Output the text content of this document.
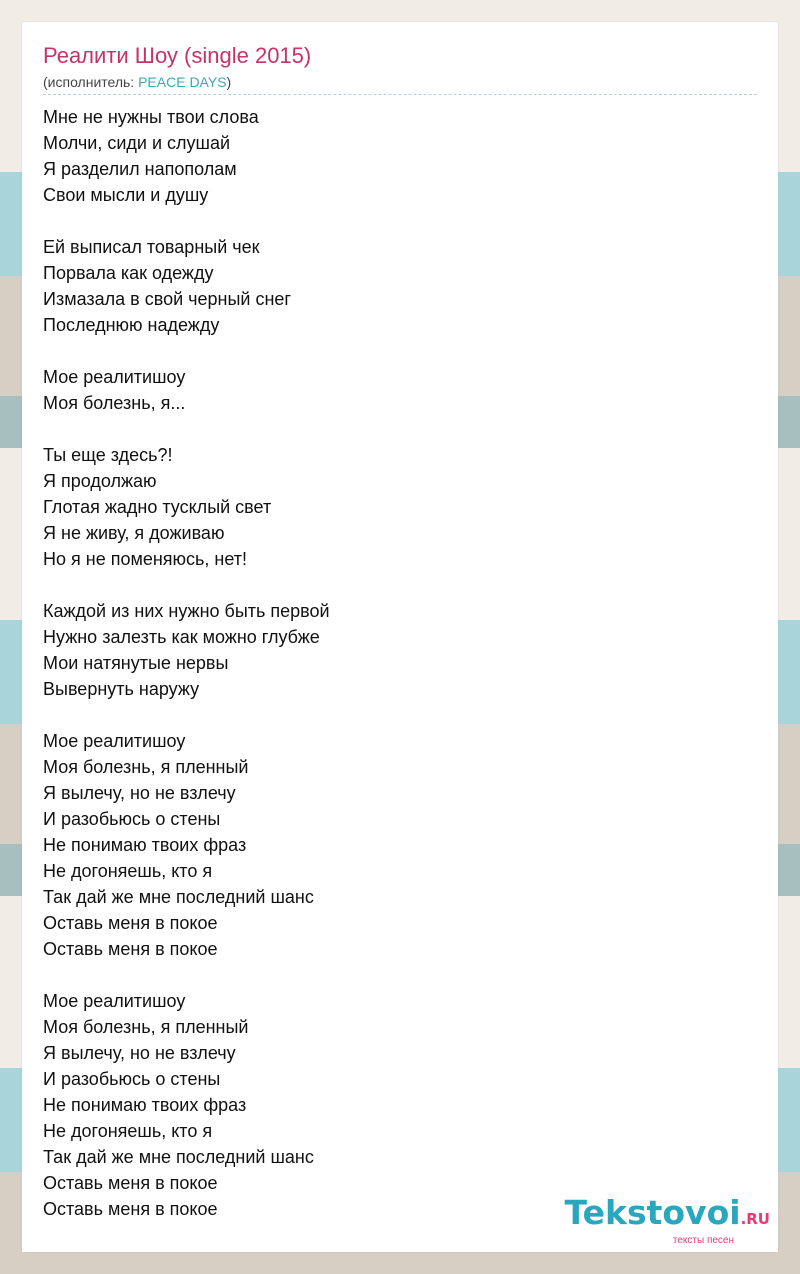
Реалити Шоу (single 2015)
(исполнитель: PEACE DAYS)
Мне не нужны твои слова
Молчи, сиди и слушай
Я разделил напополам
Свои мысли и душу
Ей выписал товарный чек
Порвала как одежду
Измазала в свой черный снег
Последнюю надежду
Мое реалитишоу
Моя болезнь, я...
Ты еще здесь?!
Я продолжаю
Глотая жадно тусклый свет
Я не живу, я доживаю
Но я не поменяюсь, нет!
Каждой из них нужно быть первой
Нужно залезть как можно глубже
Мои натянутые нервы
Вывернуть наружу
Мое реалитишоу
Моя болезнь, я пленный
Я вылечу, но не взлечу
И разобьюсь о стены
Не понимаю твоих фраз
Не догоняешь, кто я
Так дай же мне последний шанс
Оставь меня в покое
Оставь меня в покое
Мое реалитишоу
Моя болезнь, я пленный
Я вылечу, но не взлечу
И разобьюсь о стены
Не понимаю твоих фраз
Не догоняешь, кто я
Так дай же мне последний шанс
Оставь меня в покое
Оставь меня в покое	Tekstovoi.RU
тексты песен
